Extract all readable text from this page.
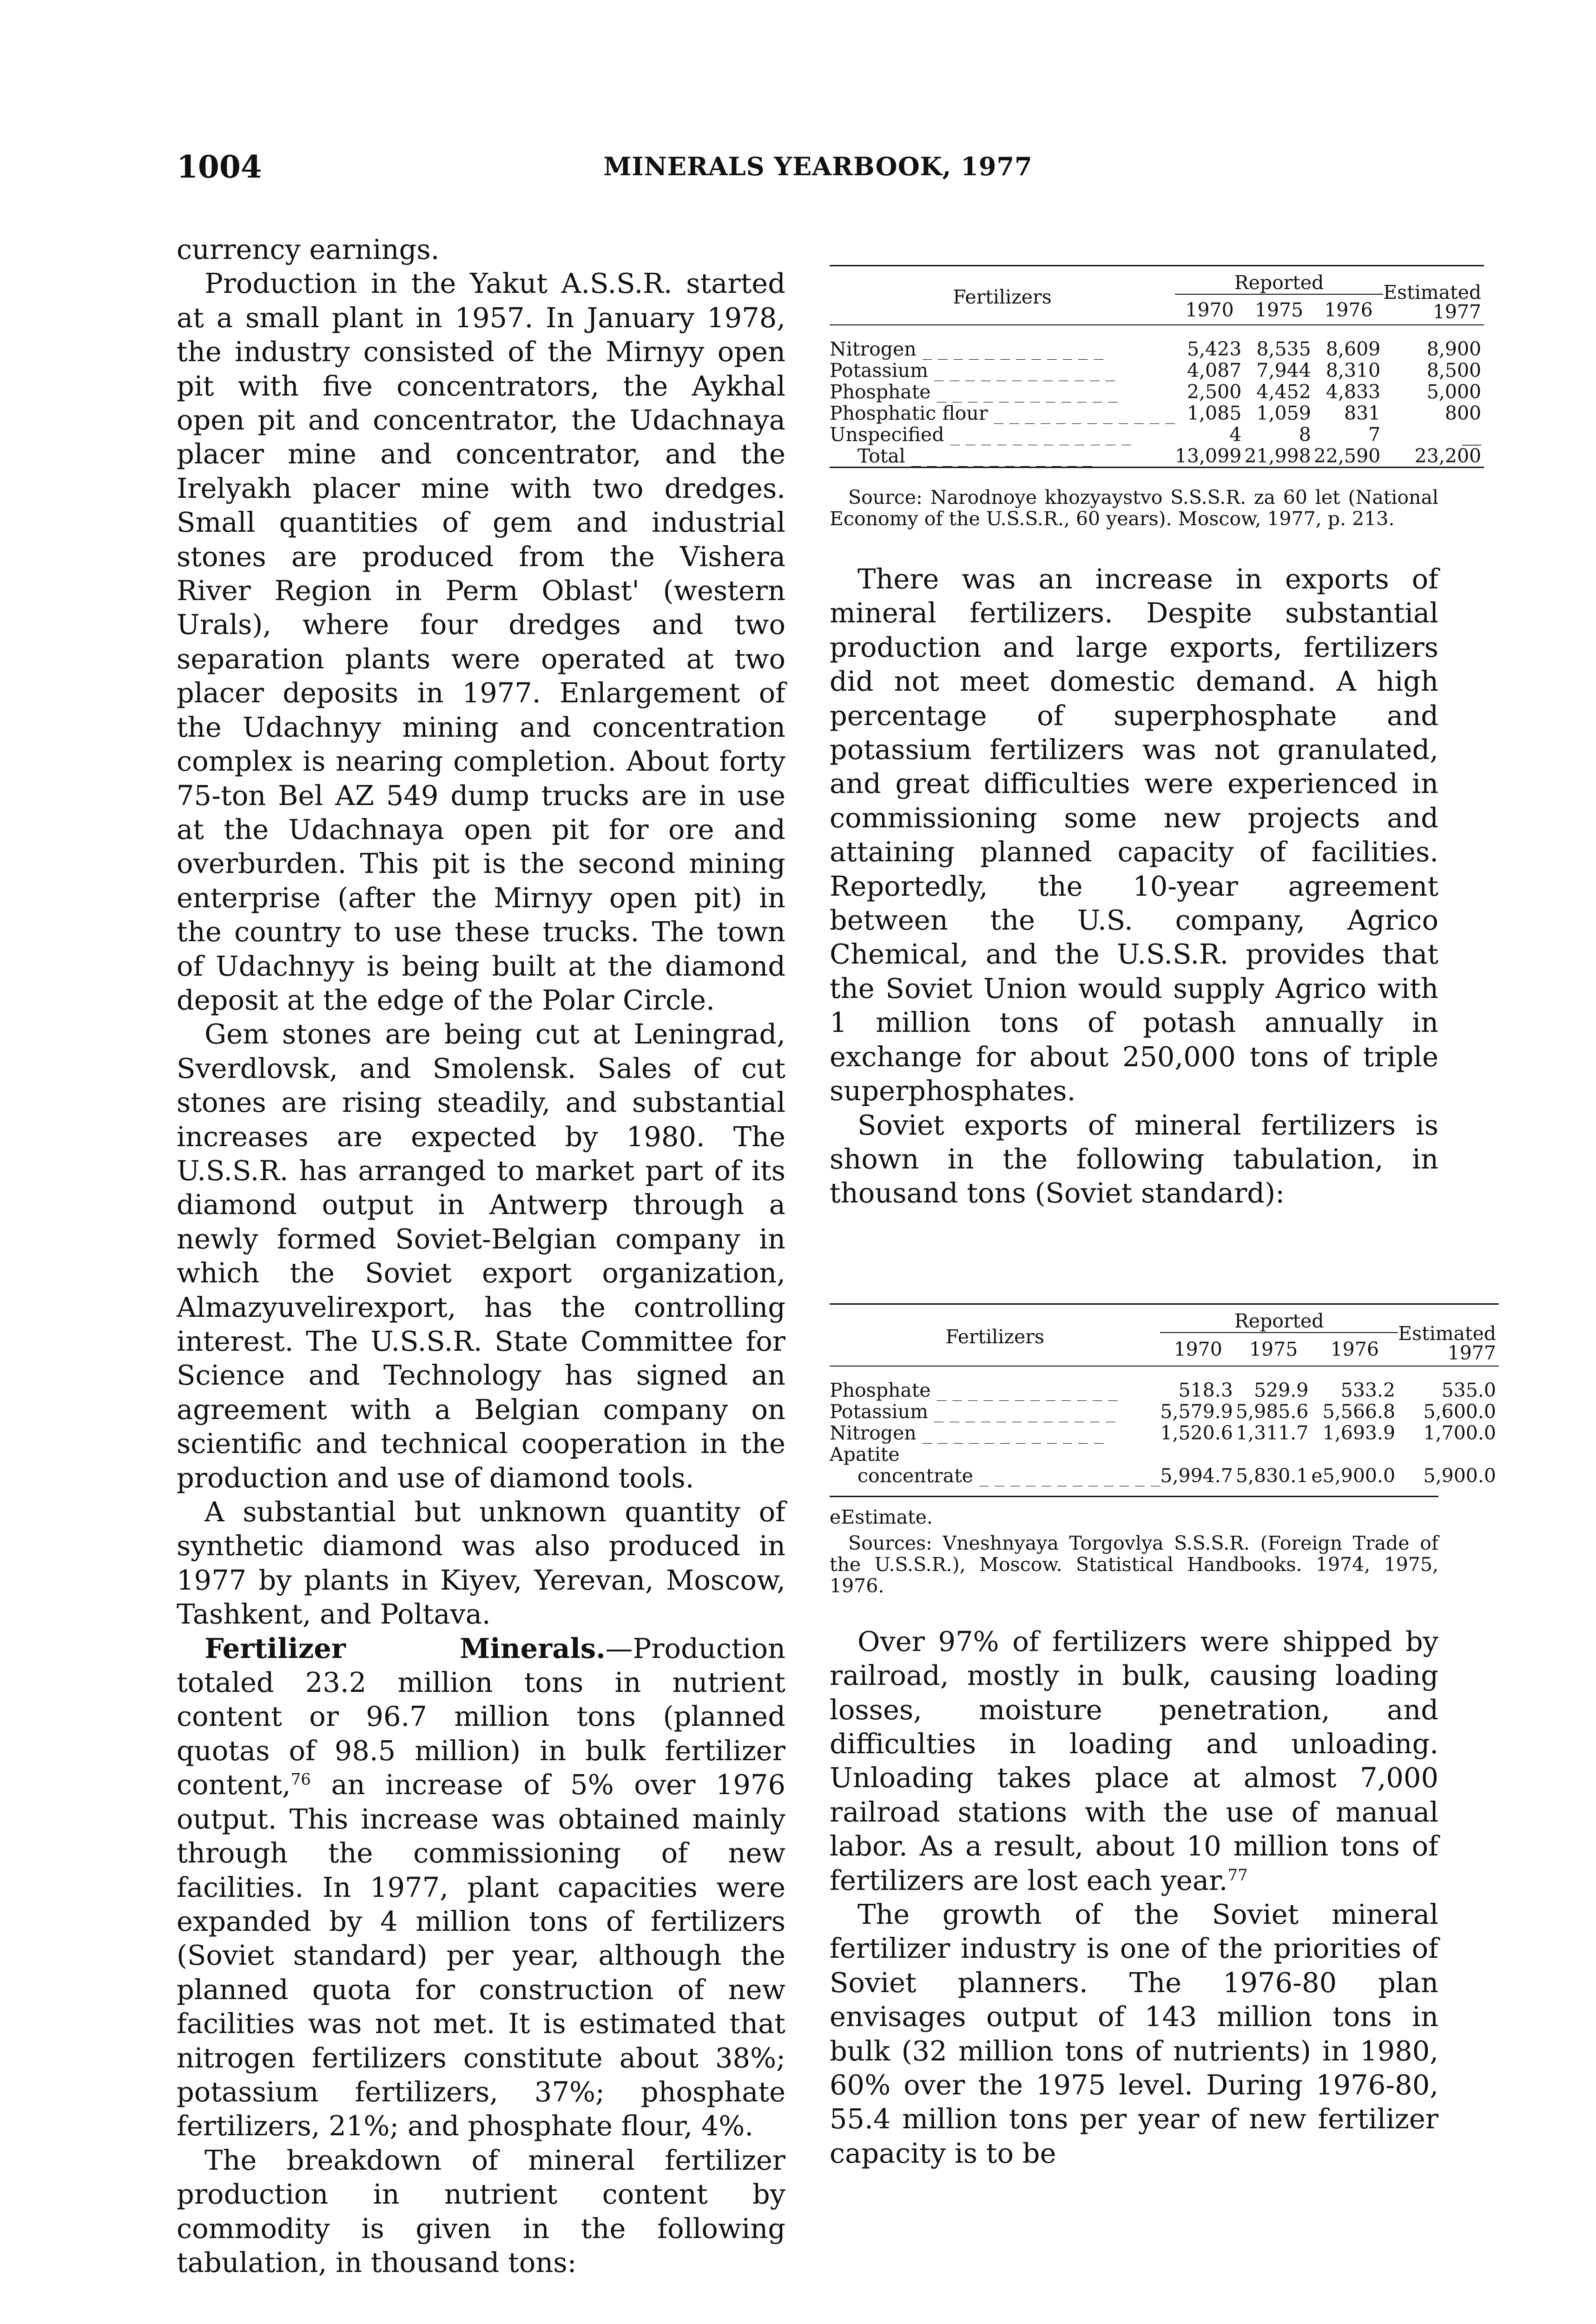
1004	MINERALS YEARBOOK, 1977

currency earnings.

Production in the Yakut A.S.S.R. started at a small plant in 1957. In January 1978, the industry consisted of the Mirnyy open pit with five concentrators, the Aykhal open pit and concentrator, the Udachnaya placer mine and concentrator, and the Irelyakh placer mine with two dredges. Small quantities of gem and industrial stones are produced from the Vishera River Region in Perm Oblast' (western Urals), where four dredges and two separation plants were operated at two placer deposits in 1977. Enlargement of the Udachnyy mining and concentration complex is nearing completion. About forty 75-ton Bel AZ 549 dump trucks are in use at the Udachnaya open pit for ore and overburden. This pit is the second mining enterprise (after the Mirnyy open pit) in the country to use these trucks. The town of Udachnyy is being built at the diamond deposit at the edge of the Polar Circle.

Gem stones are being cut at Leningrad, Sverdlovsk, and Smolensk. Sales of cut stones are rising steadily, and substantial increases are expected by 1980. The U.S.S.R. has arranged to market part of its diamond output in Antwerp through a newly formed Soviet-Belgian company in which the Soviet export organization, Almazyuvelirexport, has the controlling interest. The U.S.S.R. State Committee for Science and Technology has signed an agreement with a Belgian company on scientific and technical cooperation in the production and use of diamond tools.

A substantial but unknown quantity of synthetic diamond was also produced in 1977 by plants in Kiyev, Yerevan, Moscow, Tashkent, and Poltava.

Fertilizer Minerals.—Production totaled 23.2 million tons in nutrient content or 96.7 million tons (planned quotas of 98.5 million) in bulk fertilizer content,$^{76}$ an increase of 5% over 1976 output. This increase was obtained mainly through the commissioning of new facilities. In 1977, plant capacities were expanded by 4 million tons of fertilizers (Soviet standard) per year, although the planned quota for construction of new facilities was not met. It is estimated that nitrogen fertilizers constitute about 38%; potassium fertilizers, 37%; phosphate fertilizers, 21%; and phosphate flour, 4%.

The breakdown of mineral fertilizer production in nutrient content by commodity is given in the following tabulation, in thousand tons:

Fertilizers	Reported			Estimated 1977
	1970	1975	1976	

Nitrogen _ _ _	5,423	8,535	8,609	8,900
Potassium _ _ _	4,087	7,944	8,310	8,500
Phosphate _ _ _	2,500	4,452	4,833	5,000
Phosphatic flour _ _ _	1,085	1,059	831	800
Unspecified _ _ _	4	8	7	__
Total _ _ _	13,099	21,998	22,590	23,200
Source: Narodnoye khozyaystvo S.S.S.R. za 60 let (National Economy of the U.S.S.R., 60 years). Moscow, 1977, p. 213.

There was an increase in exports of mineral fertilizers. Despite substantial production and large exports, fertilizers did not meet domestic demand. A high percentage of superphosphate and potassium fertilizers was not granulated, and great difficulties were experienced in commissioning some new projects and attaining planned capacity of facilities. Reportedly, the 10-year agreement between the U.S. company, Agrico Chemical, and the U.S.S.R. provides that the Soviet Union would supply Agrico with 1 million tons of potash annually in exchange for about 250,000 tons of triple superphosphates.

Soviet exports of mineral fertilizers is shown in the following tabulation, in thousand tons (Soviet standard):

Fertilizers	Reported			Estimated 1977
	1970	1975	1976	

Phosphate _ _ _	518.3	529.9	533.2	535.0
Potassium _ _ _	5,579.9	5,985.6	5,566.8	5,600.0
Nitrogen _ _ _	1,520.6	1,311.7	1,693.9	1,700.0
Apatite				
concentrate _ _ _	5,994.7	5,830.1	e5,900.0	5,900.0

eEstimate.
Sources: Vneshnyaya Torgovlya S.S.S.R. (Foreign Trade of the U.S.S.R.), Moscow. Statistical Handbooks. 1974, 1975, 1976.

Over 97% of fertilizers were shipped by railroad, mostly in bulk, causing loading losses, moisture penetration, and difficulties in loading and unloading. Unloading takes place at almost 7,000 railroad stations with the use of manual labor. As a result, about 10 million tons of fertilizers are lost each year.$^{77}$

The growth of the Soviet mineral fertilizer industry is one of the priorities of Soviet planners. The 1976-80 plan envisages output of 143 million tons in bulk (32 million tons of nutrients) in 1980, 60% over the 1975 level. During 1976-80, 55.4 million tons per year of new fertilizer capacity is to be
